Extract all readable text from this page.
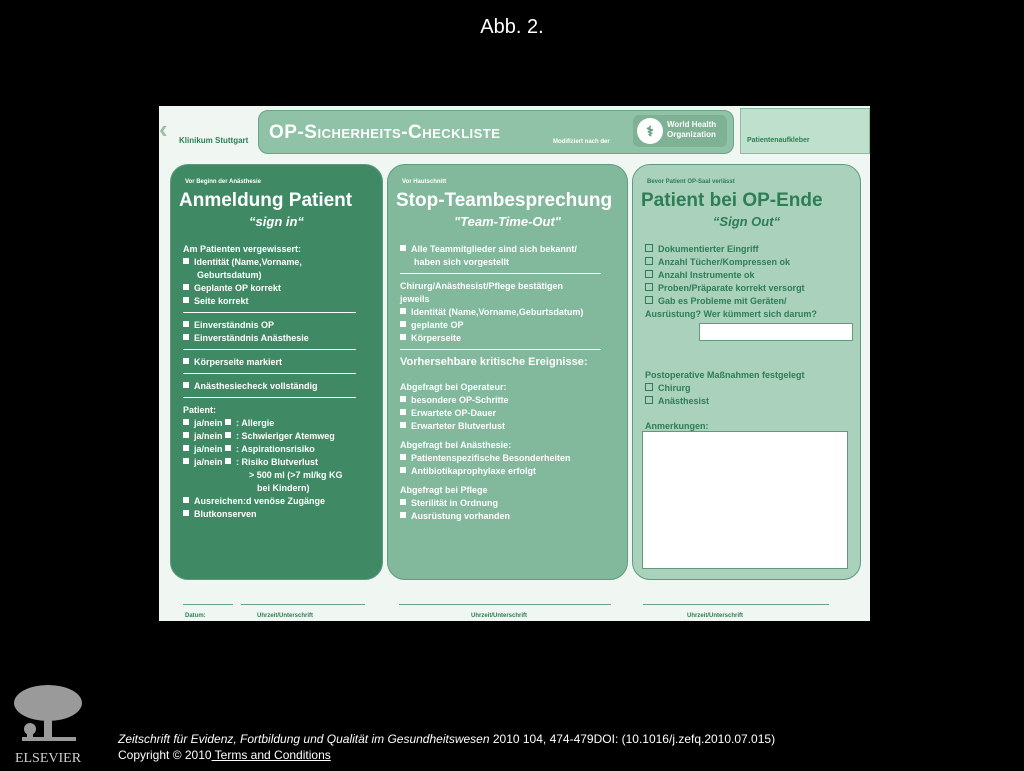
Abb. 2.
‹ Klinikum Stuttgart OP-Sicherheits-Checkliste	Modifiziert nach der
⚕	World Health
Organization
Patientenaufkleber
Vor Beginn der Anästhesie
Anmeldung Patient
“sign in“

Am Patienten vergewissert:

Identität (Name,Vorname,

Geburtsdatum)

Geplante OP korrekt

Seite korrekt

Einverständnis OP

Einverständnis Anästhesie

Körperseite markiert

Anästhesiecheck vollständig

Patient:

ja/nein : Allergie

ja/nein : Schwieriger Atemweg

ja/nein : Aspirationsrisiko

ja/nein : Risiko Blutverlust

> 500 ml (>7 ml/kg KG

bei Kindern)

Ausreichen:d venöse Zugänge

Blutkonserven

Vor Hautschnitt
Stop-Teambesprechung
"Team-Time-Out"

Alle Teammitglieder sind sich bekannt/

haben sich vorgestellt

Chirurg/Anästhesist/Pflege bestätigen

jeweils

Identität (Name,Vorname,Geburtsdatum)

geplante OP

Körperseite

Vorhersehbare kritische Ereignisse:

Abgefragt bei Operateur:

besondere OP-Schritte

Erwartete OP-Dauer

Erwarteter Blutverlust

Abgefragt bei Anästhesie:

Patientenspezifische Besonderheiten

Antibiotikaprophylaxe erfolgt

Abgefragt bei Pflege

Sterilität in Ordnung

Ausrüstung vorhanden

Bevor Patient OP-Saal verlässt
Patient bei OP-Ende
“Sign Out“

Dokumentierter Eingriff

Anzahl Tücher/Kompressen ok

Anzahl Instrumente ok

Proben/Präparate korrekt versorgt

Gab es Probleme mit Geräten/

Ausrüstung? Wer kümmert sich darum?

Postoperative Maßnahmen festgelegt

Chirurg

Anästhesist

Anmerkungen:

Datum:	Uhrzeit/Unterschrift	Uhrzeit/Unterschrift	Uhrzeit/Unterschrift
ELSEVIER
Zeitschrift für Evidenz, Fortbildung und Qualität im Gesundheitswesen 2010 104, 474-479DOI: (10.1016/j.zefq.2010.07.015)
Copyright © 2010 Terms and Conditions
